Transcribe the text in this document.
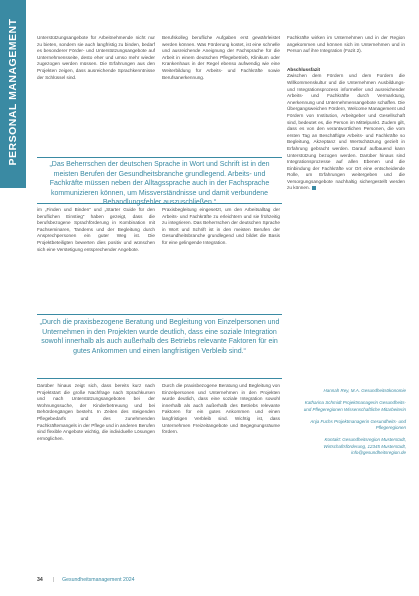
PERSONAL MANAGEMENT	Unterstützungsangebote für Arbeitnehmende nicht nur zu bieten, sondern sie auch langfristig zu binden, bedarf es besonderer Förder- und Unterstützungsangebote auf Unternehmensseite, desto eher und umso mehr wieder zugezogen werden müssen. Die Erfahrungen aus den Projekten zeigen, dass ausreichende Sprachkenntnisse der Schlüssel sind.

Berufskolleg berufliche Aufgaben erst gewährleistet werden können. Was Förderung kostet, ist eine schnelle und ausreichende Aneignung der Fachsprache für die Arbeit in einem deutschen Pflegebetrieb, Klinikum oder Krankenhaus in der Regel ebenso aufwendig wie eine Weiterbildung für Arbeits- und Fachkräfte sowie Berufsanerkennung.

Fachkräfte wirken im Unternehmen und in der Region angekommen und können sich im Unternehmen und in Person auf ihre Integration (Fazit 2).

Abschlussfazit

Zwischen dem Fördern und dem Fordern die Willkommenskultur und die Unternehmen Ausbildungs- und Integrationsprozess informeller und ausreichender Arbeits- und Fachkräfte durch Vermarktung, Anerkennung und Unternehmensangebote schaffen. Die Übergangsweichen Fördern, Welcome Management und Fördern von Institution, Arbeitgeber und Gesellschaft sind, bedeutet es, die Person im Mittelpunkt. Zudem gilt, dass es von den verantwortlichen Personen, die vom ersten Tag an Beschäftigte Arbeits- und Fachkräfte so Begleitung, Akzeptanz und Wertschätzung gezielt in Erfahrung gebracht werden. Darauf aufbauend kann Unterstützung bezogen werden. Darüber hinaus sind Integrationsprozesse auf allen Ebenen und die Einbindung der Fachkräfte vor Ort eine entscheidende Rolle, um Erfahrungen weitergeben und die Versorgungsangebote nachhaltig sichergestellt werden zu können.

„Das Beherrschen der deutschen Sprache in Wort und Schrift ist in den meisten Berufen der Gesundheitsbranche grundlegend. Arbeits- und Fachkräfte müssen neben der Alltagssprache auch in der Fachsprache kommunizieren können, um Missverständnisse und damit verbundene Behandlungsfehler auszuschließen.“

im „Finden und Binden“ und „Starter Guide für den beruflichen Einstieg“ haben gezeigt, dass die berufsbezogene Sprachförderung in Kombination mit Fachseminaren, Tandems und der Begleitung durch Ansprechpersonen ein guter Weg ist. Die Projektbeteiligten bewerten dies positiv und wünschen sich eine Verstetigung entsprechender Angebote.

Praxisbegleitung eingesetzt, um den Arbeitsalltag der Arbeits- und Fachkräfte zu erleichtern und sie frühzeitig zu integrieren. Das Beherrschen der deutschen Sprache in Wort und Schrift ist in den meisten Berufen der Gesundheitsbranche grundlegend und bildet die Basis für eine gelingende Integration.

„Durch die praxisbezogene Beratung und Begleitung von Einzelpersonen und Unternehmen in den Projekten wurde deutlich, dass eine soziale Integration sowohl innerhalb als auch außerhalb des Betriebs relevante Faktoren für ein gutes Ankommen und einen langfristigen Verbleib sind.“

Darüber hinaus zeigt sich, dass bereits kurz nach Projektstart die große Nachfrage nach Sprachkursen und nach Unterstützungsangeboten bei der Wohnungssuche, der Kinderbetreuung und bei Behördengängen besteht. In Zeiten des steigenden Pflegebedarfs und des zunehmenden Fachkräftemangels in der Pflege und in anderen Berufen sind flexible Angebote wichtig, die individuelle Lösungen ermöglichen.

Durch die praxisbezogene Beratung und Begleitung von Einzelpersonen und Unternehmen in den Projekten wurde deutlich, dass eine soziale Integration sowohl innerhalb als auch außerhalb des Betriebs relevante Faktoren für ein gutes Ankommen und einen langfristigen Verbleib sind. Wichtig ist, dass Unternehmen Freizeitangebote und Begegnungsräume fördern.

Hannah Rey, M.A. Gesundheitsökonomie

Katharina Schmidt Projektmanagerin Gesundheits- und Pflegeregionen Wissenschaftliche Mitarbeiterin

Anja Fuchs Projektmanagerin Gesundheits- und Pflegeregionen

Kontakt: Gesundheitsregion Musterstadt, Wirtschaftsförderung, 12345 Musterstadt, info@gesundheitsregion.de

34 | Gesundheitsmanagement 2024
